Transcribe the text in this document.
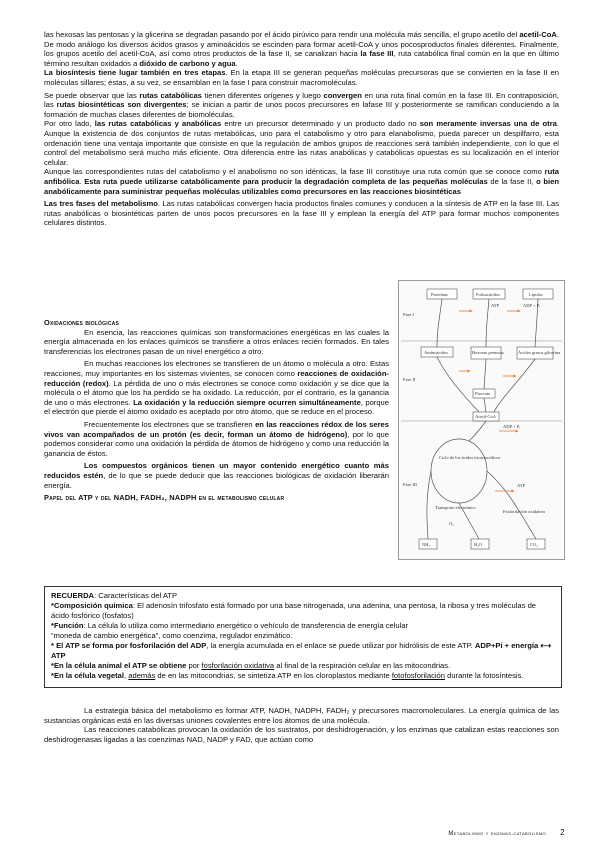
las hexosas las pentosas y la glicerina se degradan pasando por el ácido pirúvico para rendir una molécula más sencilla, el grupo acetilo del acetil-CoA. De modo análogo los diversos ácidos grasos y aminoácidos se escinden para formar acetil-CoA y unos pocosproductos finales diferentes. Finalmente, los grupos acetilo del acetil-CoA, así como otros productos de la fase II, se canalizan hacia la fase III, ruta catabólica final común en la que en último término resultan oxidados a dióxido de carbono y agua.

La biosíntesis tiene lugar también en tres etapas. En la etapa III se generan pequeñas moléculas precursoras que se convierten en la fase II en moléculas sillares; éstas, a su vez, se ensamblan en la fase I para construir macromoléculas.

Se puede observar que las rutas catabólicas tienen diferentes orígenes y luego convergen en una ruta final común en la fase III. En contraposición, las rutas biosintéticas son divergentes; se inician a partir de unos pocos precursores en lafase III y posteriormente se ramifican conduciendo a la formación de muchas clases diferentes de biomoléculas.

Por otro lado, las rutas catabólicas y anabólicas entre un precursor determinado y un producto dado no son meramente inversas una de otra. Aunque la existencia de dos conjuntos de rutas metabólicas, uno para el catabolismo y otro para elanabolismo, pueda parecer un despilfarro, esta ordenación tiene una ventaja importante que consiste en que la regulación de ambos grupos de reacciones será también independiente, con lo que el control del metabolismo será mucho más eficiente. Otra diferencia entre las rutas anabólicas y catabólicas opuestas es su localización en el interior celular.

Aunque las correspondientes rutas del catabolismo y el anabolismo no son idénticas, la fase III constituye una ruta común que se conoce como ruta anfibólica. Esta ruta puede utilizarse catabólicamente para producir la degradación completa de las pequeñas moléculas de la fase II, o bien anabólicamente para suministrar pequeñas moléculas utilizables como precursores en las reacciones biosintéticas

Las tres fases del metabolismo. Las rutas catabólicas convergen hacia productos finales comunes y conducen a la síntesis de ATP en la fase III. Las rutas anabólicas o biosintéticas parten de unos pocos precursores en la fase III y emplean la energía del ATP para formar muchos componentes celulares distintos.

Oxidaciones biológicas

En esencia, las reacciones químicas son transformaciones energéticas en las cuales la energía almacenada en los enlaces químicos se transfiere a otros enlaces recién formados. En tales transferencias los electrones pasan de un nivel energético a otro.

En muchas reacciones los electrones se transfieren de un átomo o molécula a otro. Estas reacciones, muy importantes en los sistemas vivientes, se conocen como reacciones de oxidación-reducción (redox). La pérdida de uno o más electrones se conoce como oxidación y se dice que la molécula o el átomo que los ha perdido se ha oxidado. La reducción, por el contrario, es la ganancia de uno o más electrones. La oxidación y la reducción siempre ocurren simultáneamente, porque el electrón que pierde el átomo oxidado es aceptado por otro átomo, que se reduce en el proceso.

Frecuentemente los electrones que se transfieren en las reacciones rédox de los seres vivos van acompañados de un protón (es decir, forman un átomo de hidrógeno), por lo que podemos considerar como una oxidación la pérdida de átomos de hidrógeno y como una reducción la ganancia de éstos.

Los compuestos orgánicos tienen un mayor contenido energético cuanto más reducidos estén, de lo que se puede deducir que las reacciones biológicas de oxidación liberarán energía.

Papel del ATP y del NADH, FADH₂, NADPH en el metabolismo celular

Fase I
Fase II
Fase III
Proteínas	Polisacáridos	Lípidos
Aminoácidos	Hexosas pentosas	Ácidos grasos glicerina
Piruvato
Acetil-CoA
Ciclo de los ácidos tricarboxílicos
Transporte electrónico
Fosforilación oxidativa
NH₃	H₂O	CO₂
ATP	ADP + Pᵢ
ADP + Pᵢ
ATP
O₂

RECUERDA: Características del ATP

*Composición química: El adenosín trifosfato está formado por una base nitrogenada, una adenina, una pentosa, la ribosa y tres moléculas de ácido fosfórico (fosfatos)

*Función: La célula lo utiliza como intermediario energético o vehículo de transferencia de energía celular

“moneda de cambio energética”, como coenzima, regulador enzimático.

* El ATP se forma por fosforilación del ADP, la energía acumulada en el enlace se puede utilizar por hidrólisis de este ATP. ADP+Pi + energía ⟷ ATP

*En la célula animal el ATP se obtiene por fosforilación oxidativa al final de la respiración celular en las mitocondrias.

*En la célula vegetal, además de en las mitocondrias, se sintetiza ATP en los cloroplastos mediante fotofosforilación durante la fotosíntesis.

La estrategia básica del metabolismo es formar ATP, NADH, NADPH, FADH₂ y precursores macromoleculares. La energía química de las sustancias orgánicas está en las diversas uniones covalentes entre los átomos de una molécula.

Las reacciones catabólicas provocan la oxidación de los sustratos, por deshidrogenación, y los enzimas que catalizan estas reacciones son deshidrogenasas ligadas a las coenzimas NAD, NADP y FAD, que actúan como

Metabolismo y enzimas.catabolismo 2
